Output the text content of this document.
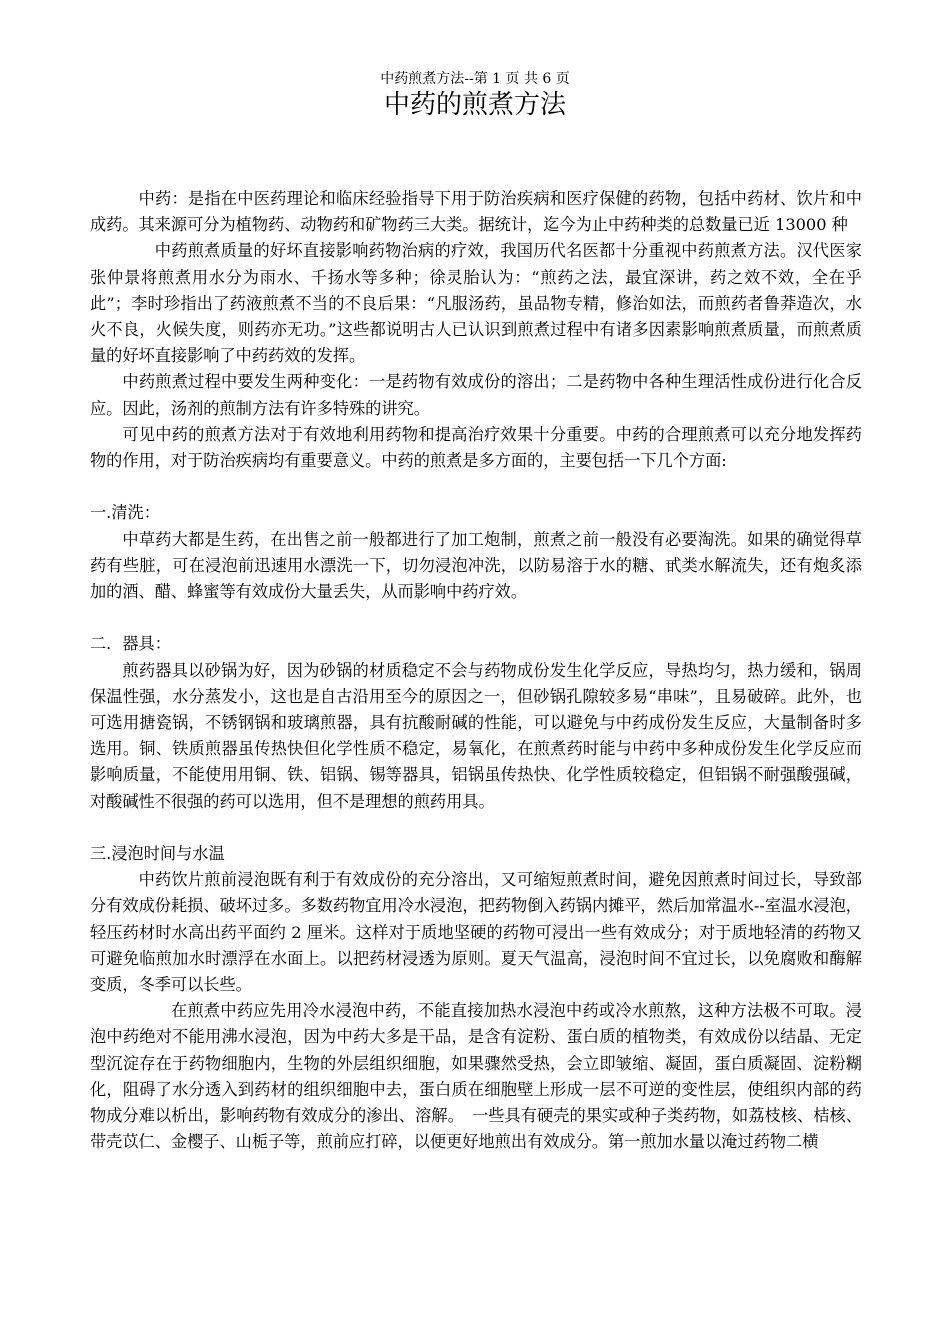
中药煎煮方法--第 1 页 共 6 页
中药的煎煮方法

中药：是指在中医药理论和临床经验指导下用于防治疾病和医疗保健的药物，包括中药材、饮片和中成药。其来源可分为植物药、动物药和矿物药三大类。据统计，迄今为止中药种类的总数量已近 13000 种

中药煎煮质量的好坏直接影响药物治病的疗效，我国历代名医都十分重视中药煎煮方法。汉代医家张仲景将煎煮用水分为雨水、千扬水等多种；徐灵胎认为：“煎药之法，最宜深讲，药之效不效，全在乎此”；李时珍指出了药液煎煮不当的不良后果：“凡服汤药，虽品物专精，修治如法，而煎药者鲁莽造次，水火不良，火候失度，则药亦无功。”这些都说明古人已认识到煎煮过程中有诸多因素影响煎煮质量，而煎煮质量的好坏直接影响了中药药效的发挥。

中药煎煮过程中要发生两种变化：一是药物有效成份的溶出；二是药物中各种生理活性成份进行化合反应。因此，汤剂的煎制方法有许多特殊的讲究。

可见中药的煎煮方法对于有效地利用药物和提高治疗效果十分重要。中药的合理煎煮可以充分地发挥药物的作用，对于防治疾病均有重要意义。中药的煎煮是多方面的，主要包括一下几个方面:

一.清洗：

中草药大都是生药，在出售之前一般都进行了加工炮制，煎煮之前一般没有必要淘洗。如果的确觉得草药有些脏，可在浸泡前迅速用水漂洗一下，切勿浸泡冲洗，以防易溶于水的糖、甙类水解流失，还有炮炙添加的酒、醋、蜂蜜等有效成份大量丢失，从而影响中药疗效。

二．器具：

煎药器具以砂锅为好，因为砂锅的材质稳定不会与药物成份发生化学反应，导热均匀，热力缓和，锅周保温性强，水分蒸发小，这也是自古沿用至今的原因之一，但砂锅孔隙较多易“串味”，且易破碎。此外，也可选用搪瓷锅，不锈钢锅和玻璃煎器，具有抗酸耐碱的性能，可以避免与中药成份发生反应，大量制备时多选用。铜、铁质煎器虽传热快但化学性质不稳定，易氧化，在煎煮药时能与中药中多种成份发生化学反应而影响质量，不能使用用铜、铁、铝锅、锡等器具，铝锅虽传热快、化学性质较稳定，但铝锅不耐强酸强碱，对酸碱性不很强的药可以选用，但不是理想的煎药用具。

三.浸泡时间与水温

中药饮片煎前浸泡既有利于有效成份的充分溶出，又可缩短煎煮时间，避免因煎煮时间过长，导致部分有效成份耗损、破坏过多。多数药物宜用冷水浸泡，把药物倒入药锅内摊平，然后加常温水--室温水浸泡，轻压药材时水高出药平面约 2 厘米。这样对于质地坚硬的药物可浸出一些有效成分；对于质地轻清的药物又可避免临煎加水时漂浮在水面上。以把药材浸透为原则。夏天气温高，浸泡时间不宜过长，以免腐败和酶解变质，冬季可以长些。

在煎煮中药应先用冷水浸泡中药，不能直接加热水浸泡中药或冷水煎熬，这种方法极不可取。浸泡中药绝对不能用沸水浸泡，因为中药大多是干品，是含有淀粉、蛋白质的植物类，有效成份以结晶、无定型沉淀存在于药物细胞内，生物的外层组织细胞，如果骤然受热，会立即皱缩、凝固，蛋白质凝固、淀粉糊化，阻碍了水分透入到药材的组织细胞中去，蛋白质在细胞壁上形成一层不可逆的变性层，使组织内部的药物成分难以析出，影响药物有效成分的渗出、溶解。　一些具有硬壳的果实或种子类药物，如荔枝核、桔核、带壳苡仁、金樱子、山栀子等，煎前应打碎，以便更好地煎出有效成分。第一煎加水量以淹过药物二横
